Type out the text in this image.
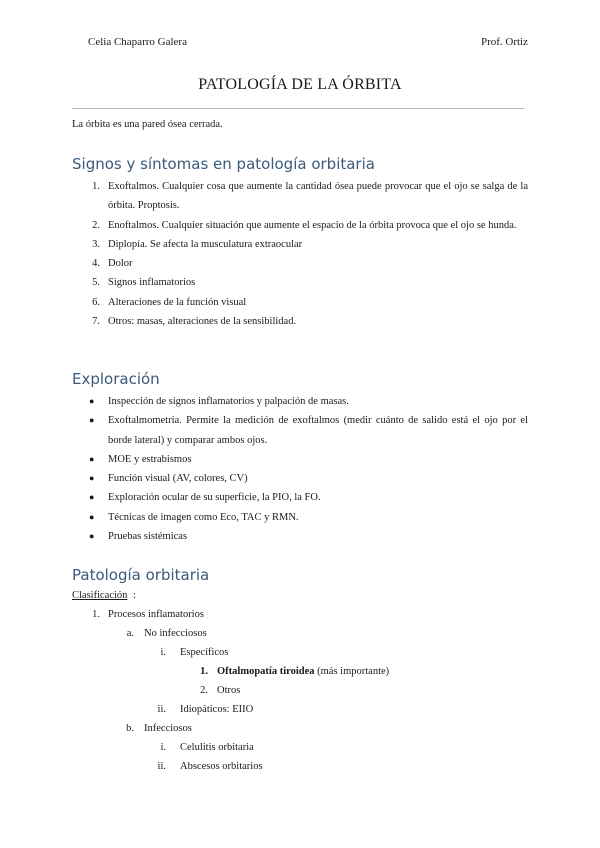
Celia Chaparro Galera	Prof. Ortiz
PATOLOGÍA DE LA ÓRBITA
La órbita es una pared ósea cerrada.
Signos y síntomas en patología orbitaria
1. Exoftalmos. Cualquier cosa que aumente la cantidad ósea puede provocar que el ojo se salga de la órbita. Proptosis.
2. Enoftalmos. Cualquier situación que aumente el espacio de la órbita provoca que el ojo se hunda.
3. Diplopía. Se afecta la musculatura extraocular
4. Dolor
5. Signos inflamatorios
6. Alteraciones de la función visual
7. Otros: masas, alteraciones de la sensibilidad.
Exploración
● Inspección de signos inflamatorios y palpación de masas.
● Exoftalmometría. Permite la medición de exoftalmos (medir cuánto de salido está el ojo por el borde lateral) y comparar ambos ojos.
● MOE y estrabismos
● Función visual (AV, colores, CV)
● Exploración ocular de su superficie, la PIO, la FO.
● Técnicas de imagen como Eco, TAC y RMN.
● Pruebas sistémicas
Patología orbitaria
Clasificación :
1. Procesos inflamatorios
a. No infecciosos
i. Específicos
1. Oftalmopatía tiroidea (más importante)
2. Otros
ii. Idiopáticos: EIIO
b. Infecciosos
i. Celulitis orbitaria
ii. Abscesos orbitarios
